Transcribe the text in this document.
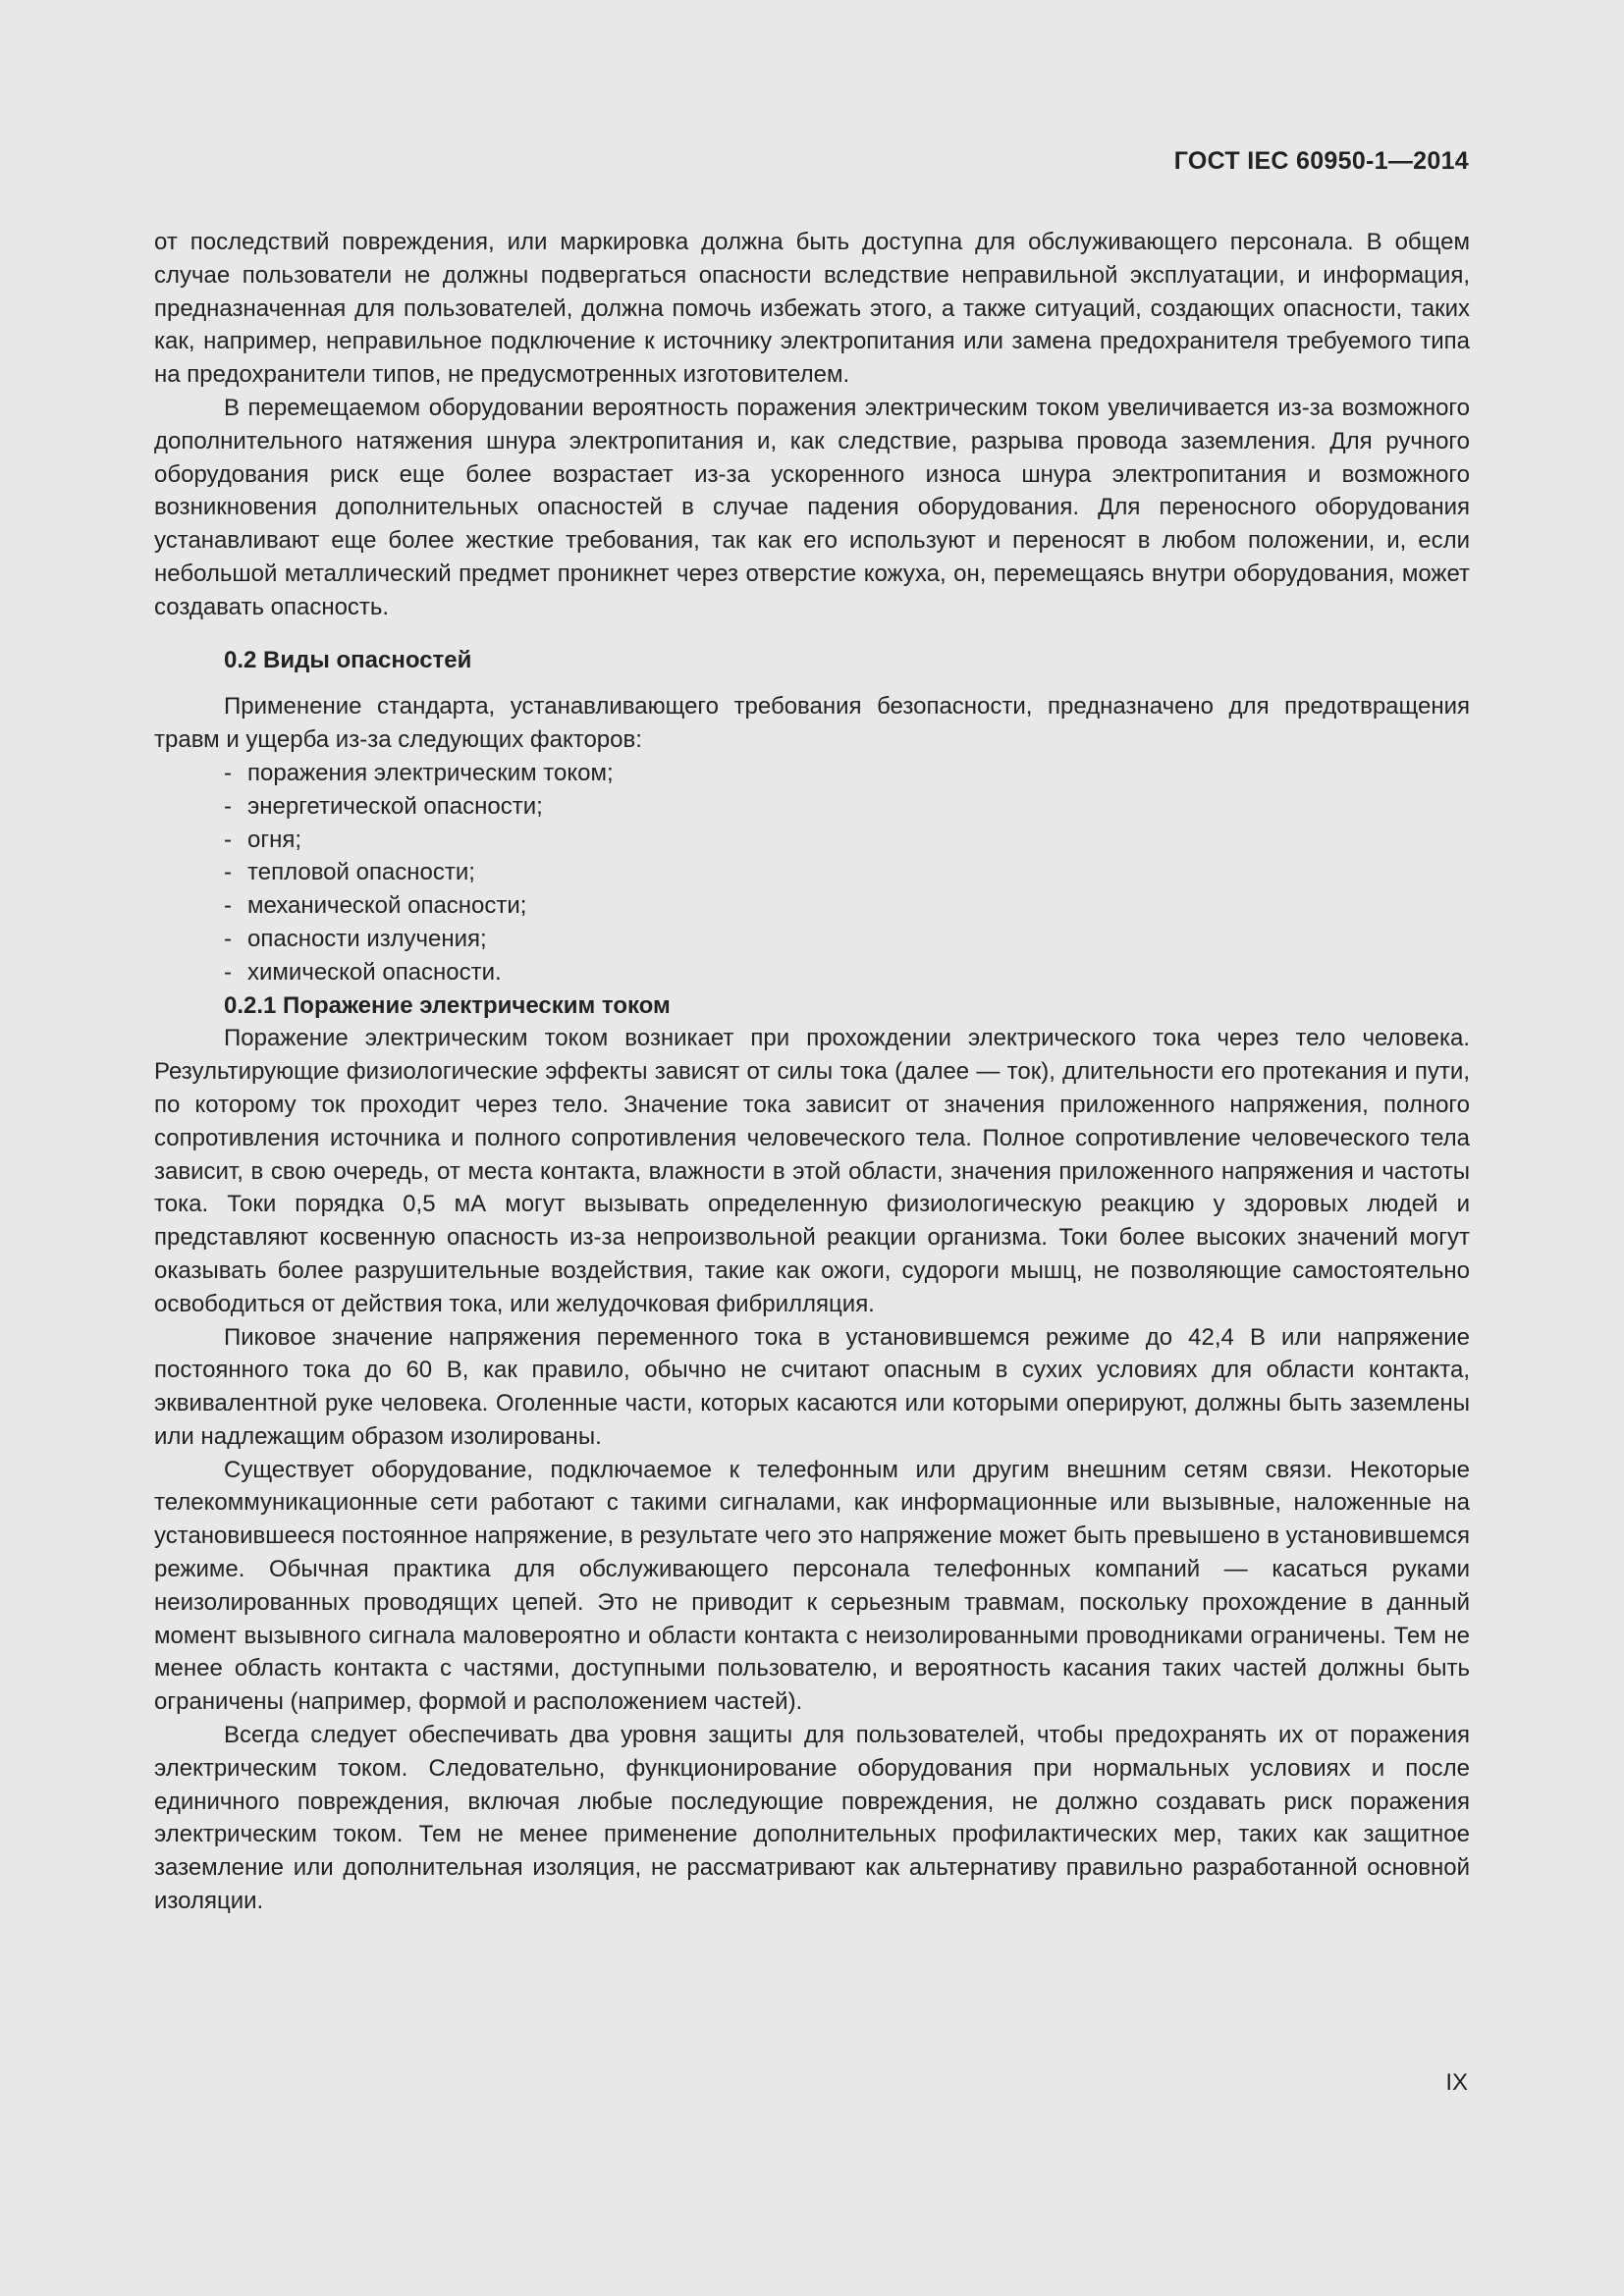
ГОСТ IEC 60950-1—2014

от последствий повреждения, или маркировка должна быть доступна для обслуживающего персонала. В общем случае пользователи не должны подвергаться опасности вследствие неправильной эксплуатации, и информация, предназначенная для пользователей, должна помочь избежать этого, а также ситуаций, создающих опасности, таких как, например, неправильное подключение к источнику электропитания или замена предохранителя требуемого типа на предохранители типов, не предусмотренных изготовителем.

В перемещаемом оборудовании вероятность поражения электрическим током увеличивается из-за возможного дополнительного натяжения шнура электропитания и, как следствие, разрыва провода заземления. Для ручного оборудования риск еще более возрастает из-за ускоренного износа шнура электропитания и возможного возникновения дополнительных опасностей в случае падения оборудования. Для переносного оборудования устанавливают еще более жесткие требования, так как его используют и переносят в любом положении, и, если небольшой металлический предмет проникнет через отверстие кожуха, он, перемещаясь внутри оборудования, может создавать опасность.

0.2 Виды опасностей

Применение стандарта, устанавливающего требования безопасности, предназначено для предотвращения травм и ущерба из-за следующих факторов:

- поражения электрическим током;
- энергетической опасности;
- огня;
- тепловой опасности;
- механической опасности;
- опасности излучения;
- химической опасности.

0.2.1 Поражение электрическим током

Поражение электрическим током возникает при прохождении электрического тока через тело человека. Результирующие физиологические эффекты зависят от силы тока (далее — ток), длительности его протекания и пути, по которому ток проходит через тело. Значение тока зависит от значения приложенного напряжения, полного сопротивления источника и полного сопротивления человеческого тела. Полное сопротивление человеческого тела зависит, в свою очередь, от места контакта, влажности в этой области, значения приложенного напряжения и частоты тока. Токи порядка 0,5 мА могут вызывать определенную физиологическую реакцию у здоровых людей и представляют косвенную опасность из-за непроизвольной реакции организма. Токи более высоких значений могут оказывать более разрушительные воздействия, такие как ожоги, судороги мышц, не позволяющие самостоятельно освободиться от действия тока, или желудочковая фибрилляция.

Пиковое значение напряжения переменного тока в установившемся режиме до 42,4 В или напряжение постоянного тока до 60 В, как правило, обычно не считают опасным в сухих условиях для области контакта, эквивалентной руке человека. Оголенные части, которых касаются или которыми оперируют, должны быть заземлены или надлежащим образом изолированы.

Существует оборудование, подключаемое к телефонным или другим внешним сетям связи. Некоторые телекоммуникационные сети работают с такими сигналами, как информационные или вызывные, наложенные на установившееся постоянное напряжение, в результате чего это напряжение может быть превышено в установившемся режиме. Обычная практика для обслуживающего персонала телефонных компаний — касаться руками неизолированных проводящих цепей. Это не приводит к серьезным травмам, поскольку прохождение в данный момент вызывного сигнала маловероятно и области контакта с неизолированными проводниками ограничены. Тем не менее область контакта с частями, доступными пользователю, и вероятность касания таких частей должны быть ограничены (например, формой и расположением частей).

Всегда следует обеспечивать два уровня защиты для пользователей, чтобы предохранять их от поражения электрическим током. Следовательно, функционирование оборудования при нормальных условиях и после единичного повреждения, включая любые последующие повреждения, не должно создавать риск поражения электрическим током. Тем не менее применение дополнительных профилактических мер, таких как защитное заземление или дополнительная изоляция, не рассматривают как альтернативу правильно разработанной основной изоляции.

IX
